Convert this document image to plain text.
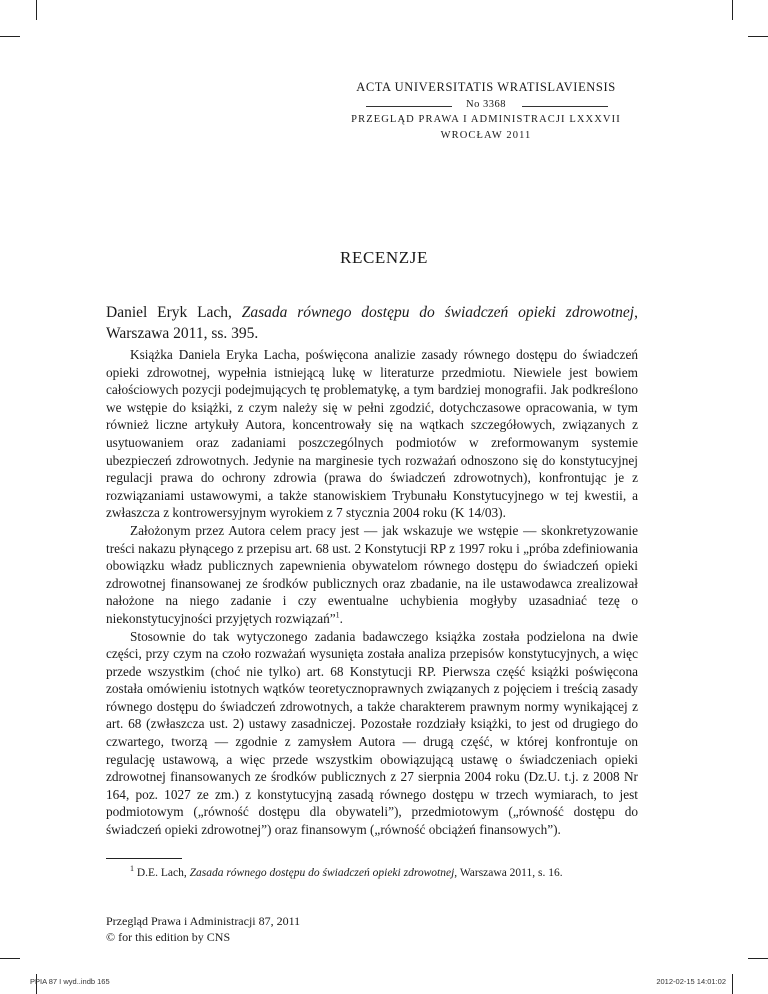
ACTA UNIVERSITATIS WRATISLAVIENSIS
No 3368
PRZEGLĄD PRAWA I ADMINISTRACJI LXXXVII
WROCŁAW 2011
RECENZJE
Daniel Eryk Lach, Zasada równego dostępu do świadczeń opieki zdrowotnej, Warszawa 2011, ss. 395.

Książka Daniela Eryka Lacha, poświęcona analizie zasady równego dostępu do świadczeń opieki zdrowotnej, wypełnia istniejącą lukę w literaturze przedmiotu. Niewiele jest bowiem całościowych pozycji podejmujących tę problematykę, a tym bardziej monografii. Jak podkreślono we wstępie do książki, z czym należy się w pełni zgodzić, dotychczasowe opracowania, w tym również liczne artykuły Autora, koncentrowały się na wątkach szczegółowych, związanych z usytuowaniem oraz zadaniami poszczególnych podmiotów w zreformowanym systemie ubezpieczeń zdrowotnych. Jedynie na marginesie tych rozważań odnoszono się do konstytucyjnej regulacji prawa do ochrony zdrowia (prawa do świadczeń zdrowotnych), konfrontując je z rozwiązaniami ustawowymi, a także stanowiskiem Trybunału Konstytucyjnego w tej kwestii, a zwłaszcza z kontrowersyjnym wyrokiem z 7 stycznia 2004 roku (K 14/03).

Założonym przez Autora celem pracy jest — jak wskazuje we wstępie — skonkretyzowanie treści nakazu płynącego z przepisu art. 68 ust. 2 Konstytucji RP z 1997 roku i „próba zdefiniowania obowiązku władz publicznych zapewnienia obywatelom równego dostępu do świadczeń opieki zdrowotnej finansowanej ze środków publicznych oraz zbadanie, na ile ustawodawca zrealizował nałożone na niego zadanie i czy ewentualne uchybienia mogłyby uzasadniać tezę o niekonstytucyjności przyjętych rozwiązań”$^1$.

Stosownie do tak wytyczonego zadania badawczego książka została podzielona na dwie części, przy czym na czoło rozważań wysunięta została analiza przepisów konstytucyjnych, a więc przede wszystkim (choć nie tylko) art. 68 Konstytucji RP. Pierwsza część książki poświęcona została omówieniu istotnych wątków teoretycznoprawnych związanych z pojęciem i treścią zasady równego dostępu do świadczeń zdrowotnych, a także charakterem prawnym normy wynikającej z art. 68 (zwłaszcza ust. 2) ustawy zasadniczej. Pozostałe rozdziały książki, to jest od drugiego do czwartego, tworzą — zgodnie z zamysłem Autora — drugą część, w której konfrontuje on regulację ustawową, a więc przede wszystkim obowiązującą ustawę o świadczeniach opieki zdrowotnej finansowanych ze środków publicznych z 27 sierpnia 2004 roku (Dz.U. t.j. z 2008 Nr 164, poz. 1027 ze zm.) z konstytucyjną zasadą równego dostępu w trzech wymiarach, to jest podmiotowym („równość dostępu dla obywateli”), przedmiotowym („równość dostępu do świadczeń opieki zdrowotnej”) oraz finansowym („równość obciążeń finansowych”).

$^1$ D.E. Lach, Zasada równego dostępu do świadczeń opieki zdrowotnej, Warszawa 2011, s. 16.
Przegląd Prawa i Administracji 87, 2011
© for this edition by CNS
PPIA 87 I wyd..indb 165	2012-02-15 14:01:02
